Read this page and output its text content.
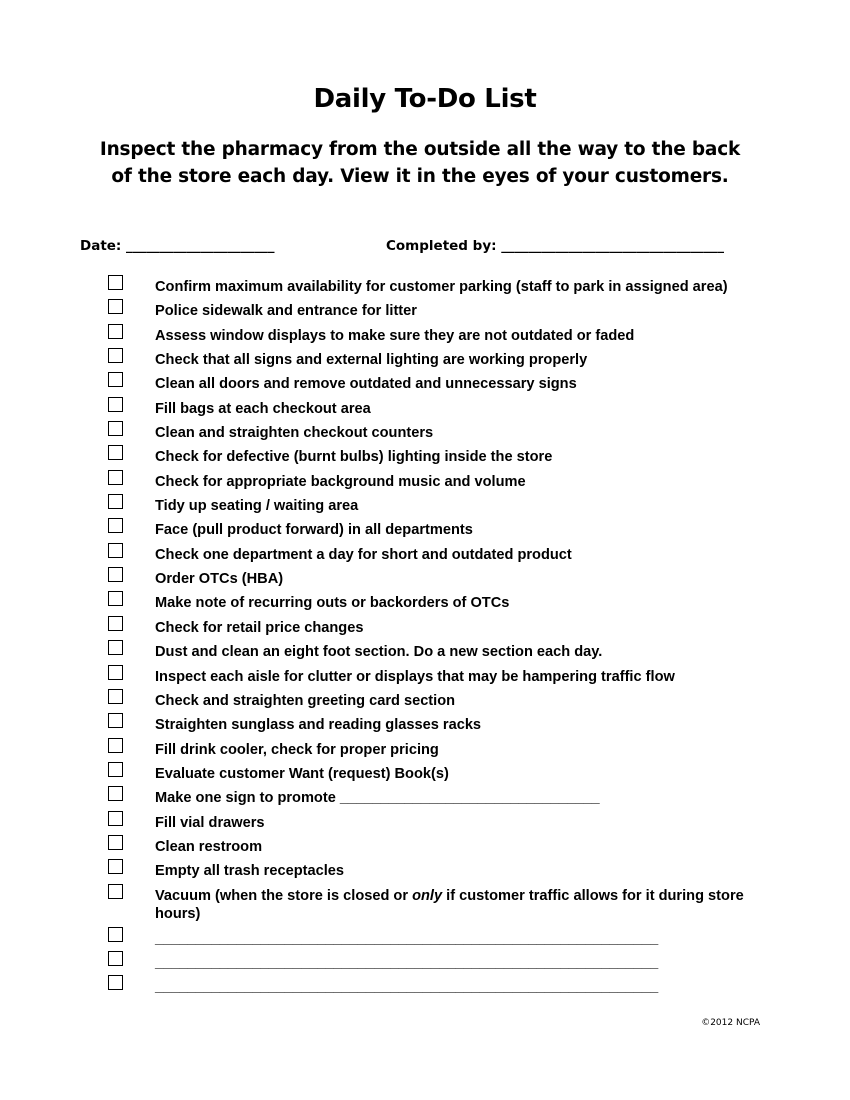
Daily To-Do List
Inspect the pharmacy from the outside all the way to the back of the store each day. View it in the eyes of your customers.
Date: ______________________	Completed by: _________________________________
Confirm maximum availability for customer parking (staff to park in assigned area)
Police sidewalk and entrance for litter
Assess window displays to make sure they are not outdated or faded
Check that all signs and external lighting are working properly
Clean all doors and remove outdated and unnecessary signs
Fill bags at each checkout area
Clean and straighten checkout counters
Check for defective (burnt bulbs) lighting inside the store
Check for appropriate background music and volume
Tidy up seating / waiting area
Face (pull product forward) in all departments
Check one department a day for short and outdated product
Order OTCs (HBA)
Make note of recurring outs or backorders of OTCs
Check for retail price changes
Dust and clean an eight foot section. Do a new section each day.
Inspect each aisle for clutter or displays that may be hampering traffic flow
Check and straighten greeting card section
Straighten sunglass and reading glasses racks
Fill drink cooler, check for proper pricing
Evaluate customer Want (request) Book(s)
Make one sign to promote ________________________________
Fill vial drawers
Clean restroom
Empty all trash receptacles
Vacuum (when the store is closed or only if customer traffic allows for it during store hours)
______________________________________________________________
______________________________________________________________
______________________________________________________________
©2012 NCPA
